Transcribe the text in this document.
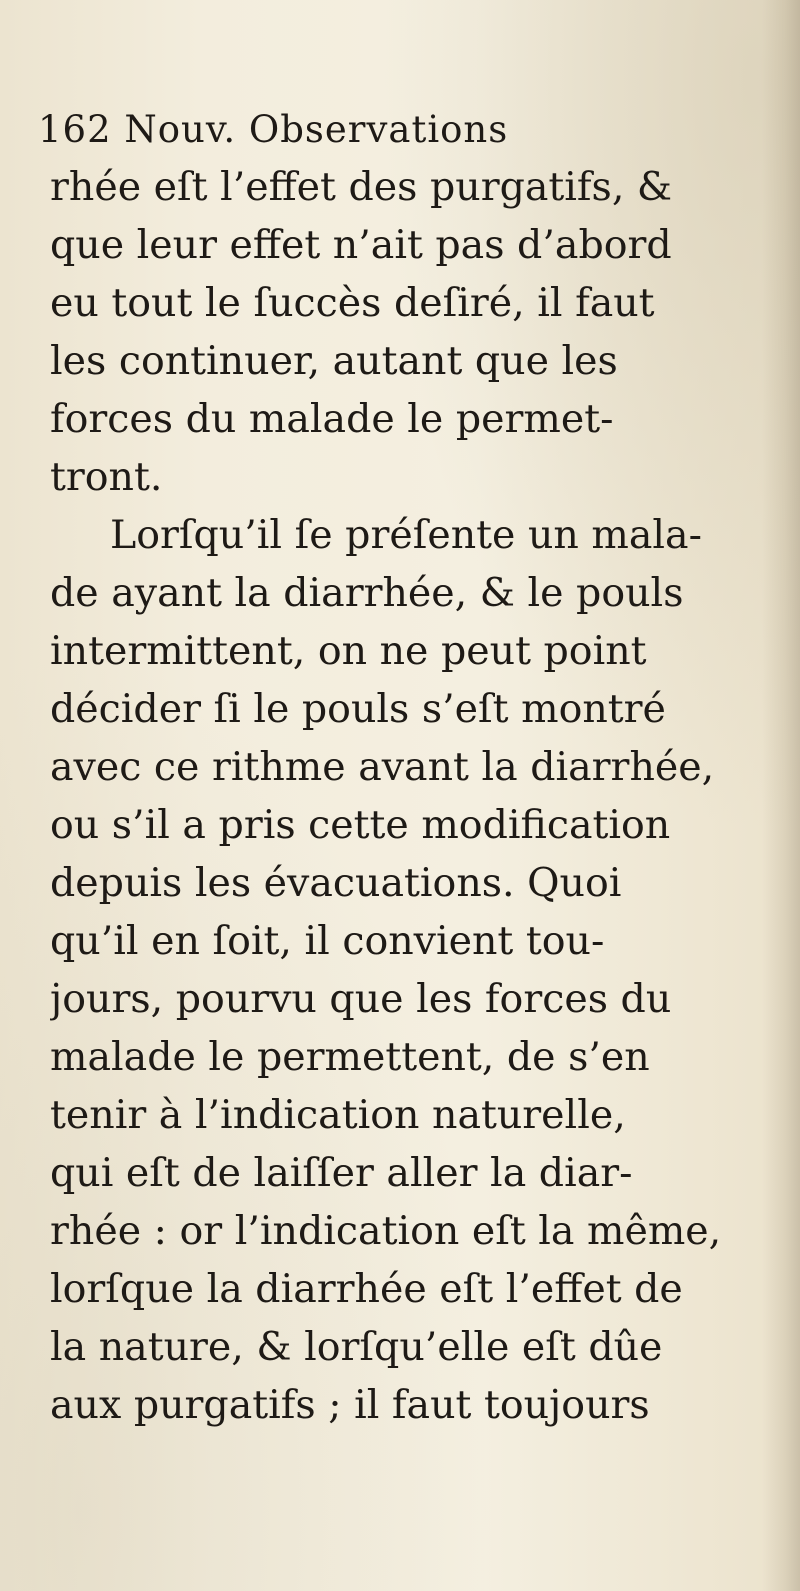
162 Nouv. Observations
rhée eſt l’effet des purgatifs, &
que leur effet n’ait pas d’abord
eu tout le ſuccès deſiré, il faut
les continuer, autant que les
forces du malade le permet-
tront.
Lorſqu’il ſe préſente un mala-
de ayant la diarrhée, & le pouls
intermittent, on ne peut point
décider ſi le pouls s’eſt montré
avec ce rithme avant la diarrhée,
ou s’il a pris cette modification
depuis les évacuations. Quoi
qu’il en ſoit, il convient tou-
jours, pourvu que les forces du
malade le permettent, de s’en
tenir à l’indication naturelle,
qui eſt de laiſſer aller la diar-
rhée : or l’indication eſt la même,
lorſque la diarrhée eſt l’effet de
la nature, & lorſqu’elle eſt dûe
aux purgatifs ; il faut toujours
